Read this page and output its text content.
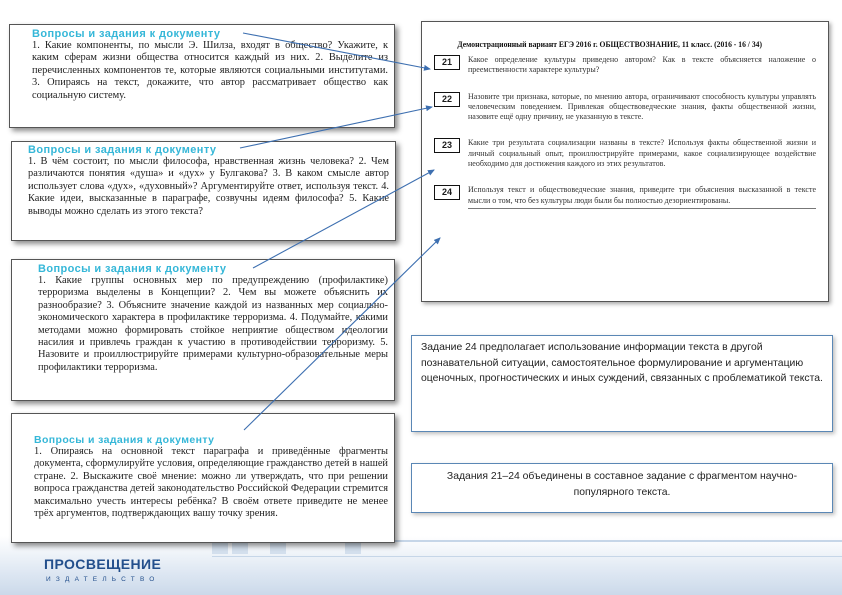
Вопросы и задания к документу
1. Какие компоненты, по мысли Э. Шилза, входят в общество? Укажите, к каким сферам жизни общества относится каждый из них. 2. Выделите из перечисленных компонентов те, которые являются социальными институтами. 3. Опираясь на текст, докажите, что автор рассматривает общество как социальную систему.
Вопросы и задания к документу
1. В чём состоит, по мысли философа, нравственная жизнь человека? 2. Чем различаются понятия «душа» и «дух» у Булгакова? 3. В каком смысле автор использует слова «дух», «духовный»? Аргументируйте ответ, используя текст. 4. Какие идеи, высказанные в параграфе, созвучны идеям философа? 5. Какие выводы можно сделать из этого текста?
Вопросы и задания к документу
1. Какие группы основных мер по предупреждению (профилактике) терроризма выделены в Концепции? 2. Чем вы можете объяснить их разнообразие? 3. Объясните значение каждой из названных мер социально-экономического характера в профилактике терроризма. 4. Подумайте, какими методами можно формировать стойкое неприятие обществом идеологии насилия и привлечь граждан к участию в противодействии терроризму. 5. Назовите и проиллюстрируйте примерами культурно-образовательные меры профилактики терроризма.
Вопросы и задания к документу
1. Опираясь на основной текст параграфа и приведённые фрагменты документа, сформулируйте условия, определяющие гражданство детей в нашей стране. 2. Выскажите своё мнение: можно ли утверждать, что при решении вопроса гражданства детей законодательство Российской Федерации стремится максимально учесть интересы ребёнка? В своём ответе приведите не менее трёх аргументов, подтверждающих вашу точку зрения.
Демонстрационный вариант ЕГЭ 2016 г. ОБЩЕСТВОЗНАНИЕ, 11 класс. (2016 - 16 / 34)
21	Какое определение культуры приведено автором? Как в тексте объясняется наложение о преемственности характере культуры?
22	Назовите три признака, которые, по мнению автора, ограничивают способность культуры управлять человеческим поведением. Привлекая обществоведческие знания, факты общественной жизни, назовите ещё одну причину, не указанную в тексте.
23	Какие три результата социализации названы в тексте? Используя факты общественной жизни и личный социальный опыт, проиллюстрируйте примерами, какое социализирующее воздействие необходимо для достижения каждого из этих результатов.
24	Используя текст и обществоведческие знания, приведите три объяснения высказанной в тексте мысли о том, что без культуры люди были бы полностью дезориентированы.
Задание 24 предполагает использование информации текста в другой познавательной ситуации, самостоятельное формулирование и аргументацию оценочных, прогностических и иных суждений, связанных с проблематикой текста.
Задания 21–24 объединены в составное задание с фрагментом научно-популярного текста.
ПРОСВЕЩЕНИЕ
ИЗДАТЕЛЬСТВО
